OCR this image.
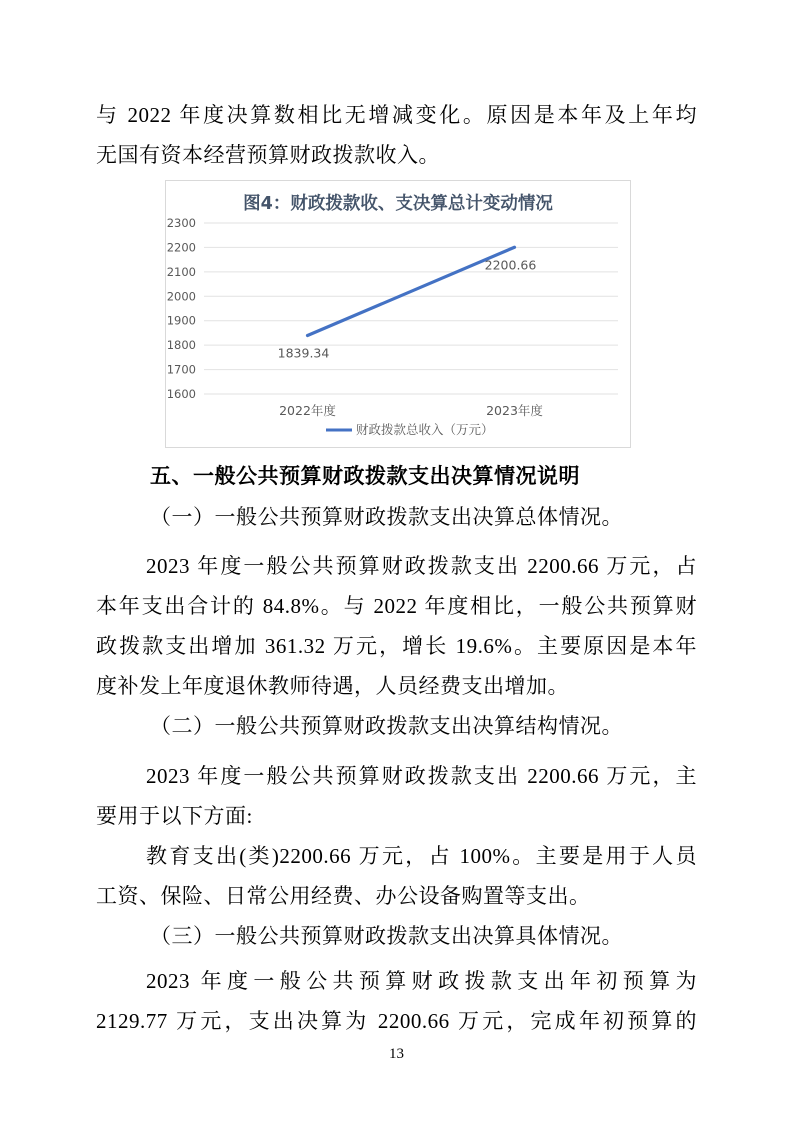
与 2022 年度决算数相比无增减变化。原因是本年及上年均
无国有资本经营预算财政拨款收入。
2300
2200
2100
2000
1900
1800
1700
1600
图4：财政拨款收、支决算总计变动情况
2022年度	2023年度
1839.34
2200.66
财政拨款总收入（万元）
五、一般公共预算财政拨款支出决算情况说明
（一）一般公共预算财政拨款支出决算总体情况。
2023 年度一般公共预算财政拨款支出 2200.66 万元，占
本年支出合计的 84.8%。与 2022 年度相比，一般公共预算财
政拨款支出增加 361.32 万元，增长 19.6%。主要原因是本年
度补发上年度退休教师待遇，人员经费支出增加。
（二）一般公共预算财政拨款支出决算结构情况。
2023 年度一般公共预算财政拨款支出 2200.66 万元，主
要用于以下方面:
教育支出(类)2200.66 万元，占 100%。主要是用于人员
工资、保险、日常公用经费、办公设备购置等支出。
（三）一般公共预算财政拨款支出决算具体情况。
2023 年度一般公共预算财政拨款支出年初预算为
2129.77 万元，支出决算为 2200.66 万元，完成年初预算的
13
